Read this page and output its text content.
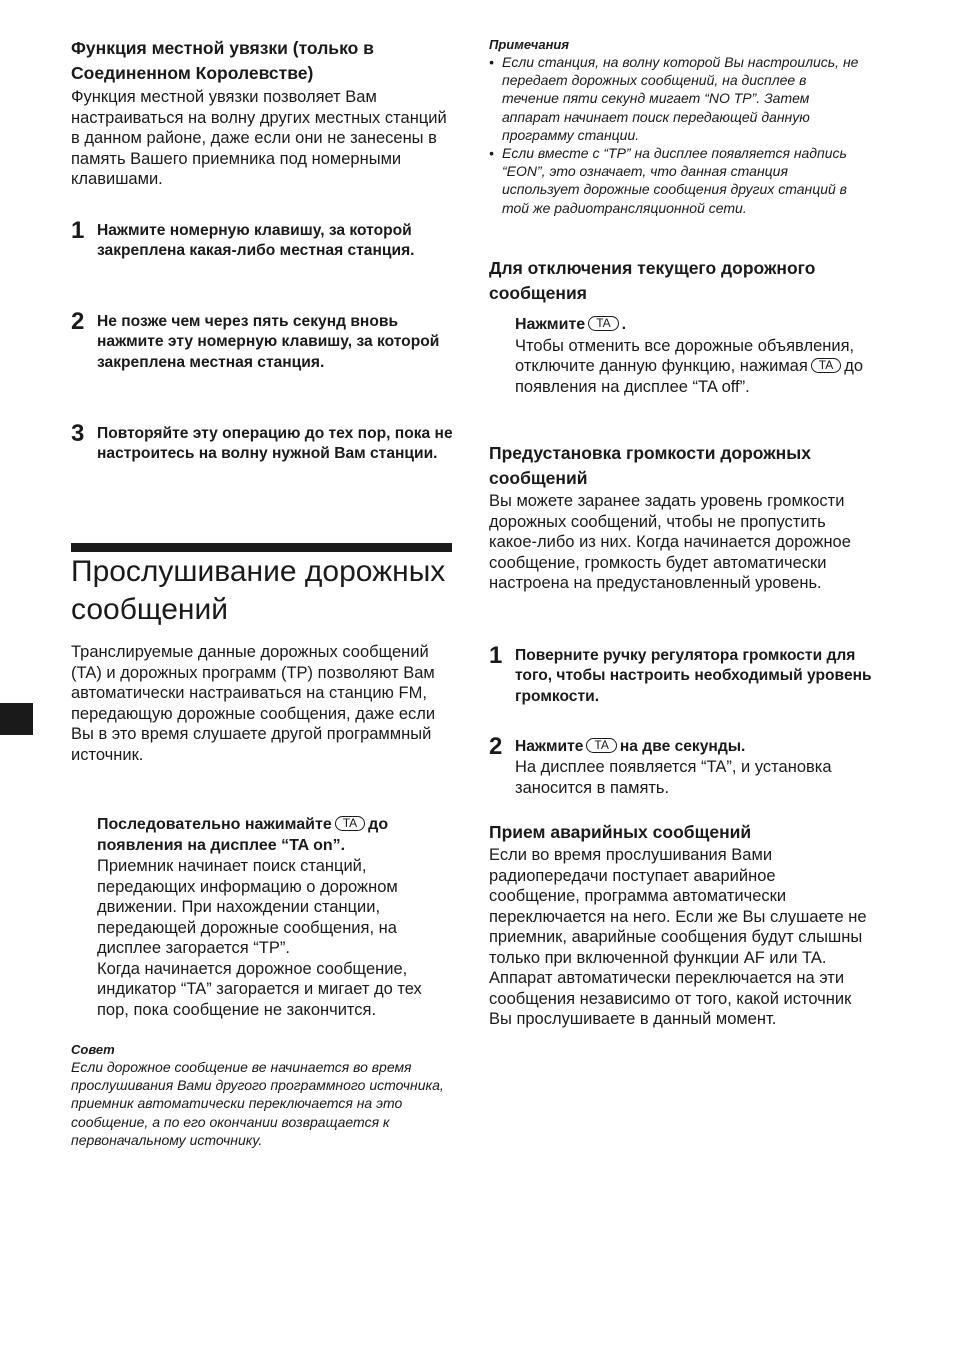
Функция местной увязки (только в Соединенном Королевстве)

Функция местной увязки позволяет Вам настраиваться на волну других местных станций в данном районе, даже если они не занесены в память Вашего приемника под номерными клавишами.

1 Нажмите номерную клавишу, за которой закреплена какая-либо местная станция.
2 Не позже чем через пять секунд вновь нажмите эту номерную клавишу, за которой закреплена местная станция.
3 Повторяйте эту операцию до тех пор, пока не настроитесь на волну нужной Вам станции.
Прослушивание дорожных сообщений

Транслируемые данные дорожных сообщений (TA) и дорожных программ (TP) позволяют Вам автоматически настраиваться на станцию FM, передающую дорожные сообщения, даже если Вы в это время слушаете другой программный источник.

Последовательно нажимайте TA до появления на дисплее “TA on”.

Приемник начинает поиск станций, передающих информацию о дорожном движении. При нахождении станции, передающей дорожные сообщения, на дисплее загорается “TP”.

Когда начинается дорожное сообщение, индикатор “TA” загорается и мигает до тех пор, пока сообщение не закончится.

Совет

Если дорожное сообщение ве начинается во время прослушивания Вами другого программного источника, приемник автоматически переключается на это сообщение, а по его окончании возвращается к первоначальному источнику.

Примечания

• Если станция, на волну которой Вы настроились, не передает дорожных сообщений, на дисплее в течение пяти секунд мигает “NO TP”. Затем аппарат начинает поиск передающей данную программу станции.
• Если вместе с “TP” на дисплее появляется надпись “EON”, это означает, что данная станция использует дорожные сообщения других станций в той же радиотрансляционной сети.

Для отключения текущего дорожного сообщения

Нажмите TA .

Чтобы отменить все дорожные объявления, отключите данную функцию, нажимая TA до появления на дисплее “TA off”.

Предустановка громкости дорожных сообщений

Вы можете заранее задать уровень громкости дорожных сообщений, чтобы не пропустить какое-либо из них. Когда начинается дорожное сообщение, громкость будет автоматически настроена на предустановленный уровень.

1 Поверните ручку регулятора громкости для того, чтобы настроить необходимый уровень громкости.
2 Нажмите TA на две секунды.

На дисплее появляется “TA”, и установка заносится в память.

Прием аварийных сообщений

Если во время прослушивания Вами радиопередачи поступает аварийное сообщение, программа автоматически переключается на него. Если же Вы слушаете не приемник, аварийные сообщения будут слышны только при включенной функции AF или TA. Аппарат автоматически переключается на эти сообщения независимо от того, какой источник Вы прослушиваете в данный момент.
